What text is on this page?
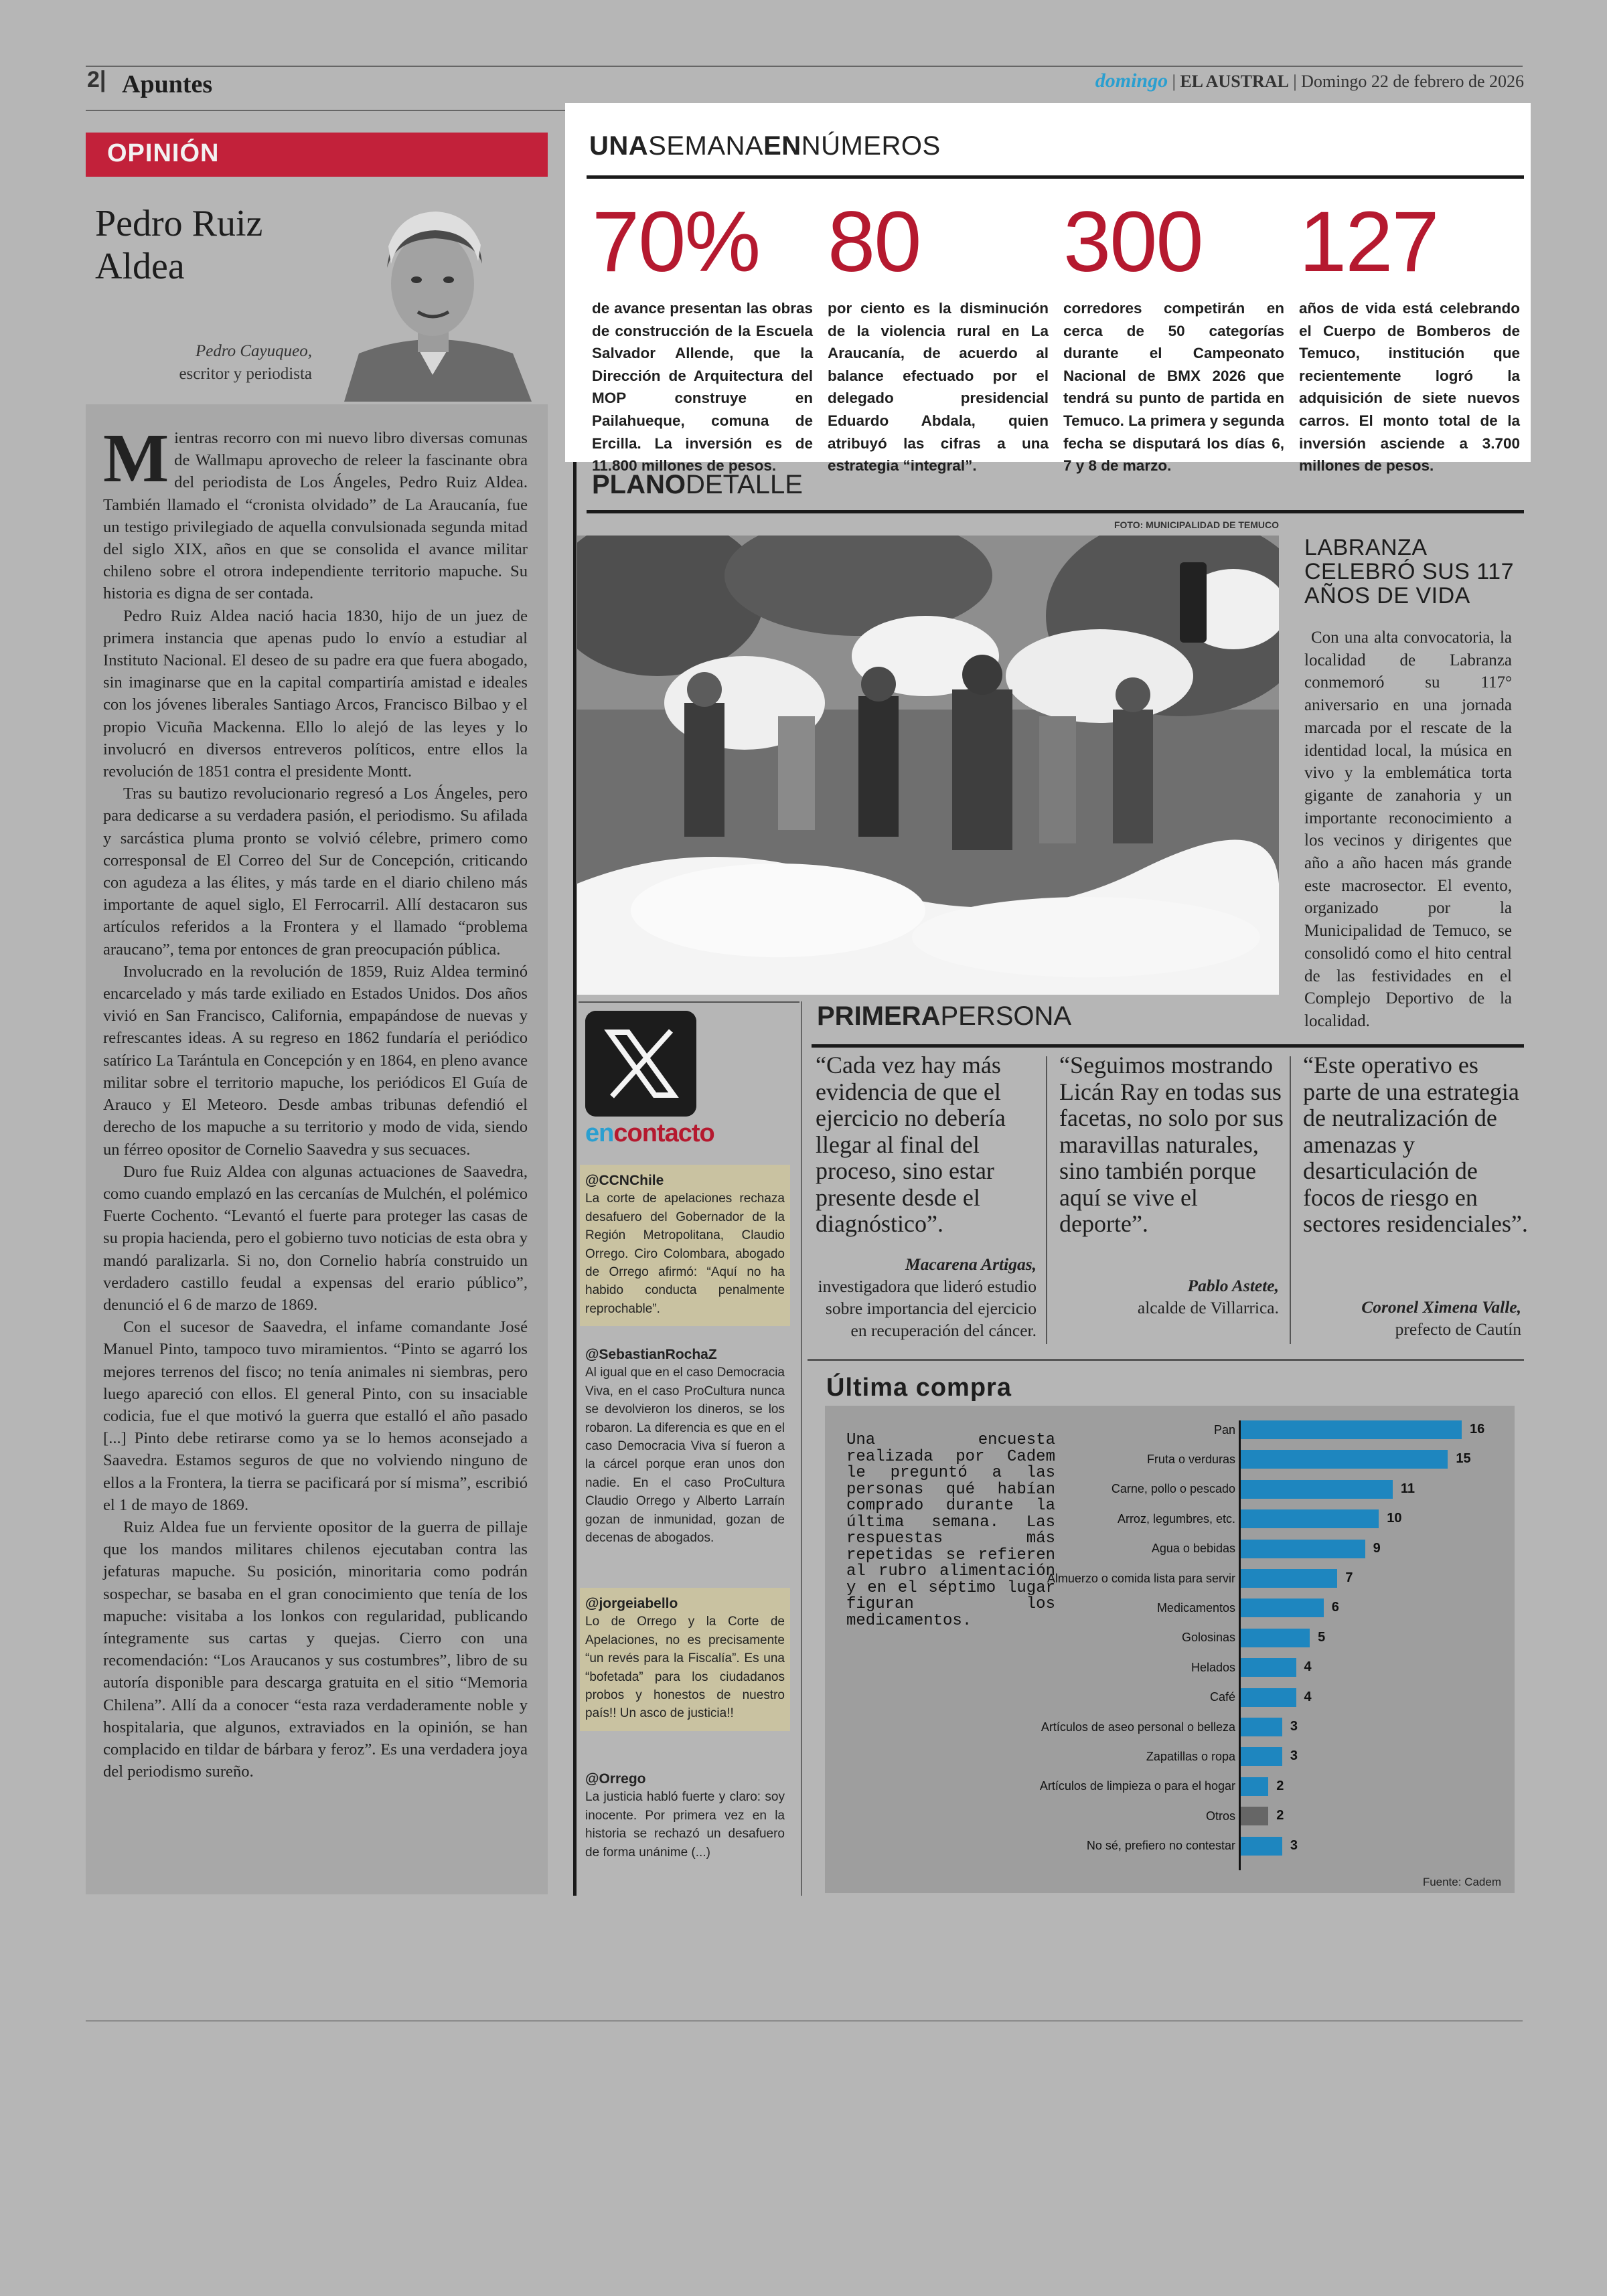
2| Apuntes	domingo | EL AUSTRAL | Domingo 22 de febrero de 2026
OPINIÓN
Pedro Ruiz Aldea
Pedro Cayuqueo,
escritor y periodista

Mientras recorro con mi nuevo libro diversas comunas de Wallmapu aprovecho de releer la fascinante obra del periodista de Los Ángeles, Pedro Ruiz Aldea. También llamado el “cronista olvidado” de La Araucanía, fue un testigo privilegiado de aquella convulsionada segunda mitad del siglo XIX, años en que se consolida el avance militar chileno sobre el otrora independiente territorio mapuche. Su historia es digna de ser contada.

Pedro Ruiz Aldea nació hacia 1830, hijo de un juez de primera instancia que apenas pudo lo envío a estudiar al Instituto Nacional. El deseo de su padre era que fuera abogado, sin imaginarse que en la capital compartiría amistad e ideales con los jóvenes liberales Santiago Arcos, Francisco Bilbao y el propio Vicuña Mackenna. Ello lo alejó de las leyes y lo involucró en diversos entreveros políticos, entre ellos la revolución de 1851 contra el presidente Montt.

Tras su bautizo revolucionario regresó a Los Ángeles, pero para dedicarse a su verdadera pasión, el periodismo. Su afilada y sarcástica pluma pronto se volvió célebre, primero como corresponsal de El Correo del Sur de Concepción, criticando con agudeza a las élites, y más tarde en el diario chileno más importante de aquel siglo, El Ferrocarril. Allí destacaron sus artículos referidos a la Frontera y el llamado “problema araucano”, tema por entonces de gran preocupación pública.

Involucrado en la revolución de 1859, Ruiz Aldea terminó encarcelado y más tarde exiliado en Estados Unidos. Dos años vivió en San Francisco, California, empapándose de nuevas y refrescantes ideas. A su regreso en 1862 fundaría el periódico satírico La Tarántula en Concepción y en 1864, en pleno avance militar sobre el territorio mapuche, los periódicos El Guía de Arauco y El Meteoro. Desde ambas tribunas defendió el derecho de los mapuche a su territorio y modo de vida, siendo un férreo opositor de Cornelio Saavedra y sus secuaces.

Duro fue Ruiz Aldea con algunas actuaciones de Saavedra, como cuando emplazó en las cercanías de Mulchén, el polémico Fuerte Cochento. “Levantó el fuerte para proteger las casas de su propia hacienda, pero el gobierno tuvo noticias de esta obra y mandó paralizarla. Si no, don Cornelio habría construido un verdadero castillo feudal a expensas del erario público”, denunció el 6 de marzo de 1869.

Con el sucesor de Saavedra, el infame comandante José Manuel Pinto, tampoco tuvo miramientos. “Pinto se agarró los mejores terrenos del fisco; no tenía animales ni siembras, pero luego apareció con ellos. El general Pinto, con su insaciable codicia, fue el que motivó la guerra que estalló el año pasado [...] Pinto debe retirarse como ya se lo hemos aconsejado a Saavedra. Estamos seguros de que no volviendo ninguno de ellos a la Frontera, la tierra se pacificará por sí misma”, escribió el 1 de mayo de 1869.

Ruiz Aldea fue un ferviente opositor de la guerra de pillaje que los mandos militares chilenos ejecutaban contra las jefaturas mapuche. Su posición, minoritaria como podrán sospechar, se basaba en el gran conocimiento que tenía de los mapuche: visitaba a los lonkos con regularidad, publicando íntegramente sus cartas y quejas. Cierro con una recomendación: “Los Araucanos y sus costumbres”, libro de su autoría disponible para descarga gratuita en el sitio “Memoria Chilena”. Allí da a conocer “esta raza verdaderamente noble y hospitalaria, que algunos, extraviados en la opinión, se han complacido en tildar de bárbara y feroz”. Es una verdadera joya del periodismo sureño.

UNASEMANAENNÚMEROS
70%
de avance presentan las obras de construcción de la Escuela Salvador Allende, que la Dirección de Arquitectura del MOP construye en Pailahueque, comuna de Ercilla. La inversión es de 11.800 millones de pesos.
80
por ciento es la disminución de la violencia rural en La Araucanía, de acuerdo al balance efectuado por el delegado presidencial Eduardo Abdala, quien atribuyó las cifras a una estrategia “integral”.
300
corredores competirán en cerca de 50 categorías durante el Campeonato Nacional de BMX 2026 que tendrá su punto de partida en Temuco. La primera y segunda fecha se disputará los días 6, 7 y 8 de marzo.
127
años de vida está celebrando el Cuerpo de Bomberos de Temuco, institución que recientemente logró la adquisición de siete nuevos carros. El monto total de la inversión asciende a 3.700 millones de pesos.
PLANODETALLE
FOTO: MUNICIPALIDAD DE TEMUCO
LABRANZA CELEBRÓ SUS 117 AÑOS DE VIDA
Con una alta convocatoria, la localidad de Labranza conmemoró su 117° aniversario en una jornada marcada por el rescate de la identidad local, la música en vivo y la emblemática torta gigante de zanahoria y un importante reconocimiento a los vecinos y dirigentes que año a año hacen más grande este macrosector. El evento, organizado por la Municipalidad de Temuco, se consolidó como el hito central de las festividades en el Complejo Deportivo de la localidad.
encontacto
@CCNChile
La corte de apelaciones rechaza desafuero del Gobernador de la Región Metropolitana, Claudio Orrego. Ciro Colombara, abogado de Orrego afirmó: “Aquí no ha habido conducta penalmente reprochable”.
@SebastianRochaZ
Al igual que en el caso Democracia Viva, en el caso ProCultura nunca se devolvieron los dineros, se los robaron. La diferencia es que en el caso Democracia Viva sí fueron a la cárcel porque eran unos don nadie. En el caso ProCultura Claudio Orrego y Alberto Larraín gozan de inmunidad, gozan de decenas de abogados.
@jorgeiabello
Lo de Orrego y la Corte de Apelaciones, no es precisamente “un revés para la Fiscalía”. Es una “bofetada” para los ciudadanos probos y honestos de nuestro país!! Un asco de justicia!!
@Orrego
La justicia habló fuerte y claro: soy inocente. Por primera vez en la historia se rechazó un desafuero de forma unánime (...)
PRIMERAPERSONA
“Cada vez hay más evidencia de que el ejercicio no debería llegar al final del proceso, sino estar presente desde el diagnóstico”.
Macarena Artigas,
investigadora que lideró estudio sobre importancia del ejercicio en recuperación del cáncer.
“Seguimos mostrando Licán Ray en todas sus facetas, no solo por sus maravillas naturales, sino también porque aquí se vive el deporte”.
Pablo Astete,
alcalde de Villarrica.
“Este operativo es parte de una estrategia de neutralización de amenazas y desarticulación de focos de riesgo en sectores residenciales”.
Coronel Ximena Valle,
prefecto de Cautín
Última compra
Una encuesta realizada por Cadem le preguntó a las personas qué habían comprado durante la última semana. Las respuestas más repetidas se refieren al rubro alimentación y en el séptimo lugar figuran los medicamentos.
Pan	16
Fruta o verduras	15
Carne, pollo o pescado	11
Arroz, legumbres, etc.	10
Agua o bebidas	9
Almuerzo o comida lista para servir	7
Medicamentos	6
Golosinas	5
Helados	4
Café	4
Artículos de aseo personal o belleza	3
Zapatillas o ropa	3
Artículos de limpieza o para el hogar	2
Otros	2
No sé, prefiero no contestar	3
Fuente: Cadem
